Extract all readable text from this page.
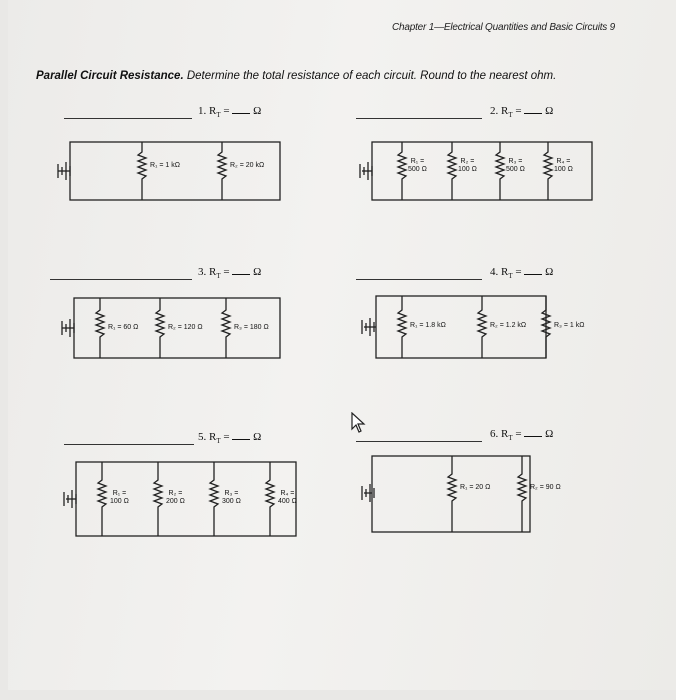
Chapter 1—Electrical Quantities and Basic Circuits 9
Parallel Circuit Resistance. Determine the total resistance of each circuit. Round to the nearest ohm.
1. $R_T = \Omega$	2. $R_T = \Omega$
3. $R_T = \Omega$	4. $R_T = \Omega$
5. $R_T = \Omega$	6. $R_T = \Omega$
R₁ = 1 kΩ	R₂ = 20 kΩ
R₁ =
500 Ω
R₂ =
100 Ω
R₃ =
500 Ω
R₄ =
100 Ω
R₁ = 60 Ω	R₂ = 120 Ω	R₃ = 180 Ω	R₁ = 1.8 kΩ	R₂ = 1.2 kΩ	R₃ = 1 kΩ
R₁ =
100 Ω
R₂ =
200 Ω
R₃ =
300 Ω
R₄ =
400 Ω
R₁ = 20 Ω	R₂ = 90 Ω
